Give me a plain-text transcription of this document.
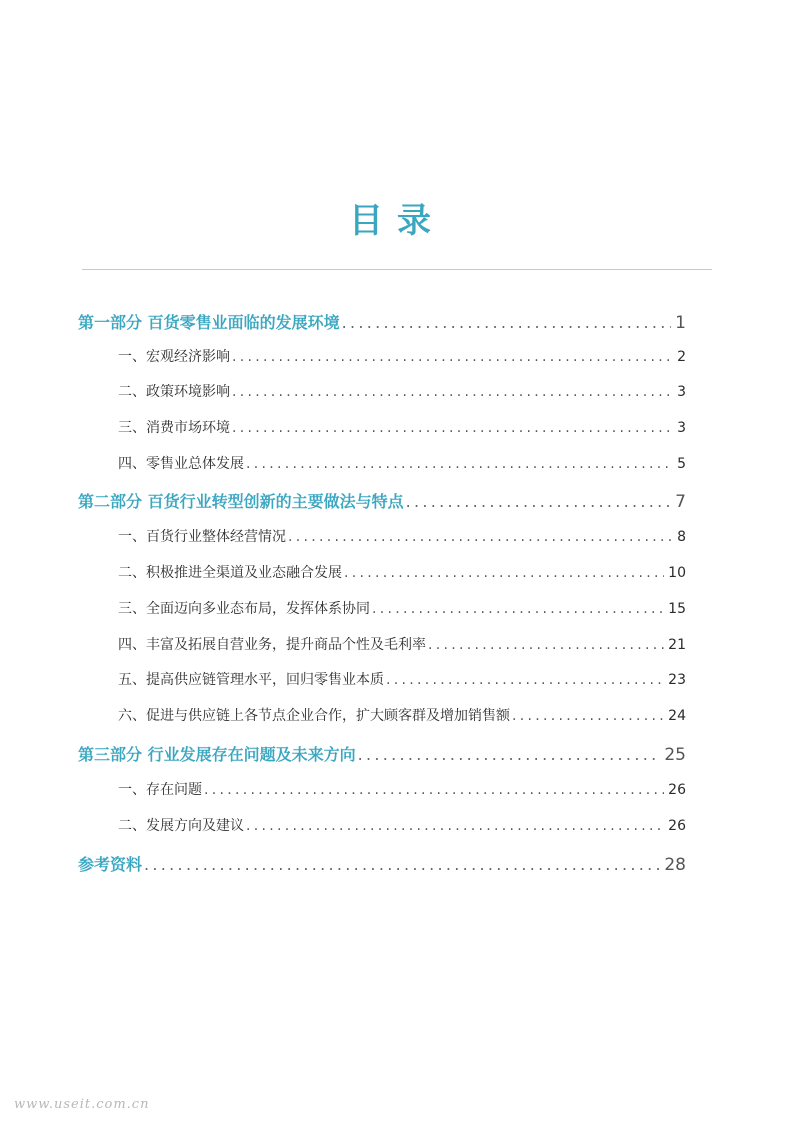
目录
第一部分 百货零售业面临的发展环境 .....	1
一、宏观经济影响 .....	2
二、政策环境影响 .....	3
三、消费市场环境 .....	3
四、零售业总体发展 .....	5
第二部分 百货行业转型创新的主要做法与特点 .....	7
一、百货行业整体经营情况 .....	8
二、积极推进全渠道及业态融合发展 .....	10
三、全面迈向多业态布局，发挥体系协同 .....	15
四、丰富及拓展自营业务，提升商品个性及毛利率 .....	21
五、提高供应链管理水平，回归零售业本质 .....	23
六、促进与供应链上各节点企业合作，扩大顾客群及增加销售额 .....	24
第三部分 行业发展存在问题及未来方向 .....	25
一、存在问题 .....	26
二、发展方向及建议 .....	26
参考资料 .....	28
www.useit.com.cn
